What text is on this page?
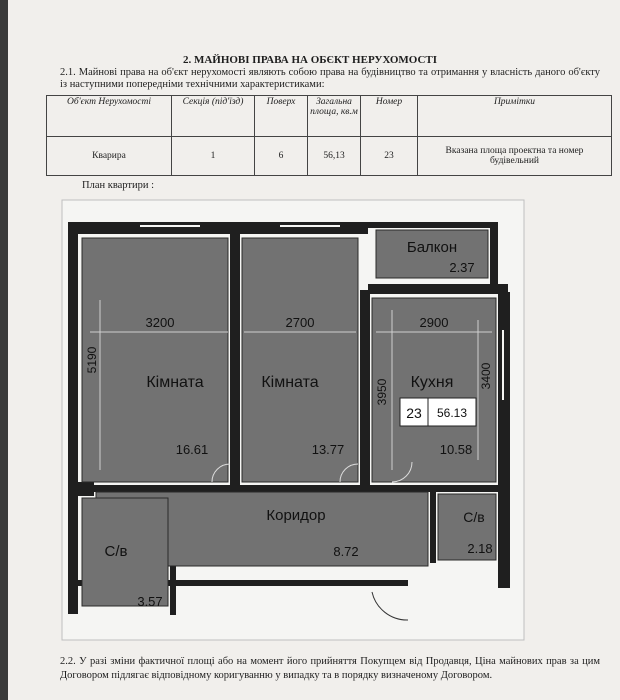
2. МАЙНОВІ ПРАВА НА ОБЄКТ НЕРУХОМОСТІ
2.1. Майнові права на об'єкт нерухомості являють собою права на будівництво та отримання у власність даного об'єкту із наступними попередніми технічними характеристиками:
Об'єкт Нерухомості	Секція (під'їзд)	Поверх	Загальна площа, кв.м	Номер	Примітки
Кварира	1	6	56,13	23	Вказана площа проектна та номер будівельний
План квартири :
Кімната	Кімната	Кухня
Балкон
Коридор
С/в
С/в
16.61	13.77	10.58
2.37
8.72
3.57
2.18
3200	2700	2900
5190
3950
3400
23 56.13
2.2. У разі зміни фактичної площі або на момент його прийняття Покупцем від Продавця, Ціна майнових прав за цим Договором підлягає відповідному коригуванню у випадку та в порядку визначеному Договором.
